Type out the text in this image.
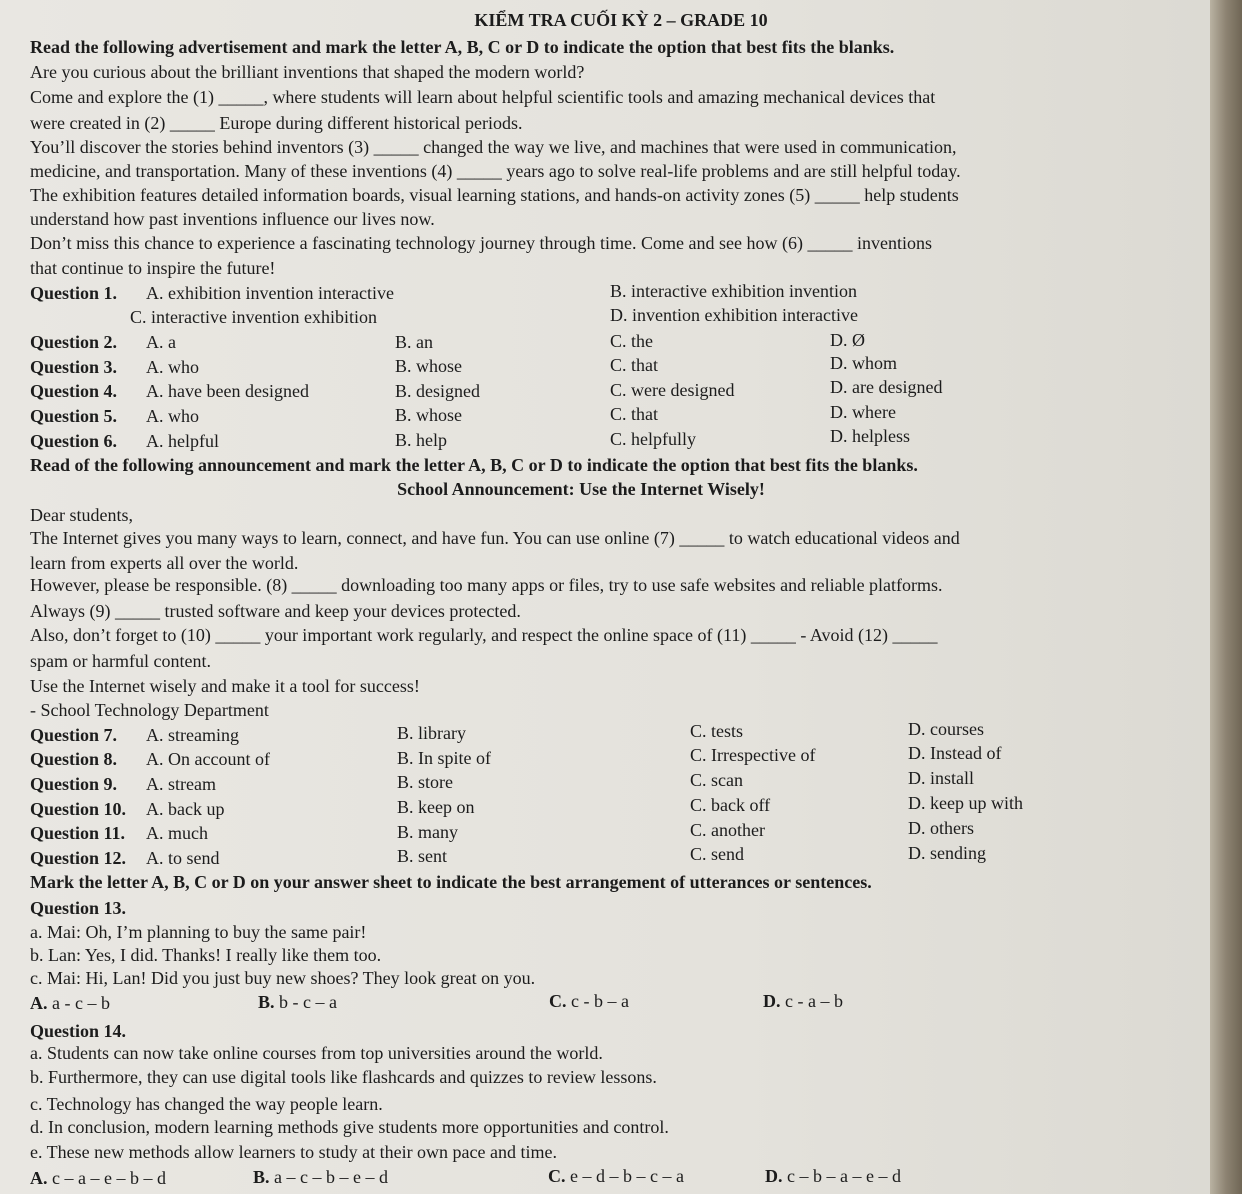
KIỂM TRA CUỐI KỲ 2 – GRADE 10
Read the following advertisement and mark the letter A, B, C or D to indicate the option that best fits the blanks.
Are you curious about the brilliant inventions that shaped the modern world?
Come and explore the (1) _____, where students will learn about helpful scientific tools and amazing mechanical devices that
were created in (2) _____ Europe during different historical periods.
You’ll discover the stories behind inventors (3) _____ changed the way we live, and machines that were used in communication,
medicine, and transportation. Many of these inventions (4) _____ years ago to solve real-life problems and are still helpful today.
The exhibition features detailed information boards, visual learning stations, and hands-on activity zones (5) _____ help students
understand how past inventions influence our lives now.
Don’t miss this chance to experience a fascinating technology journey through time. Come and see how (6) _____ inventions
that continue to inspire the future!
Question 1. A. exhibition invention interactive	B. interactive exhibition invention
C. interactive invention exhibition	D. invention exhibition interactive
Question 2. A. a	B. an	C. the	D. Ø
Question 3. A. who	B. whose	C. that	D. whom
Question 4. A. have been designed	B. designed	C. were designed	D. are designed
Question 5. A. who	B. whose	C. that	D. where
Question 6. A. helpful	B. help	C. helpfully	D. helpless
Read of the following announcement and mark the letter A, B, C or D to indicate the option that best fits the blanks.
School Announcement: Use the Internet Wisely!
Dear students,
The Internet gives you many ways to learn, connect, and have fun. You can use online (7) _____ to watch educational videos and
learn from experts all over the world.
However, please be responsible. (8) _____ downloading too many apps or files, try to use safe websites and reliable platforms.
Always (9) _____ trusted software and keep your devices protected.
Also, don’t forget to (10) _____ your important work regularly, and respect the online space of (11) _____ - Avoid (12) _____
spam or harmful content.
Use the Internet wisely and make it a tool for success!
- School Technology Department
Question 7. A. streaming	B. library	C. tests	D. courses
Question 8. A. On account of	B. In spite of	C. Irrespective of	D. Instead of
Question 9. A. stream	B. store	C. scan	D. install
Question 10. A. back up	B. keep on	C. back off	D. keep up with
Question 11. A. much	B. many	C. another	D. others
Question 12. A. to send	B. sent	C. send	D. sending
Mark the letter A, B, C or D on your answer sheet to indicate the best arrangement of utterances or sentences.
Question 13.
a. Mai: Oh, I’m planning to buy the same pair!
b. Lan: Yes, I did. Thanks! I really like them too.
c. Mai: Hi, Lan! Did you just buy new shoes? They look great on you.
A. a - c – b	B. b - c – a	C. c - b – a	D. c - a – b
Question 14.
a. Students can now take online courses from top universities around the world.
b. Furthermore, they can use digital tools like flashcards and quizzes to review lessons.
c. Technology has changed the way people learn.
d. In conclusion, modern learning methods give students more opportunities and control.
e. These new methods allow learners to study at their own pace and time.
A. c – a – e – b – d	B. a – c – b – e – d	C. e – d – b – c – a	D. c – b – a – e – d
